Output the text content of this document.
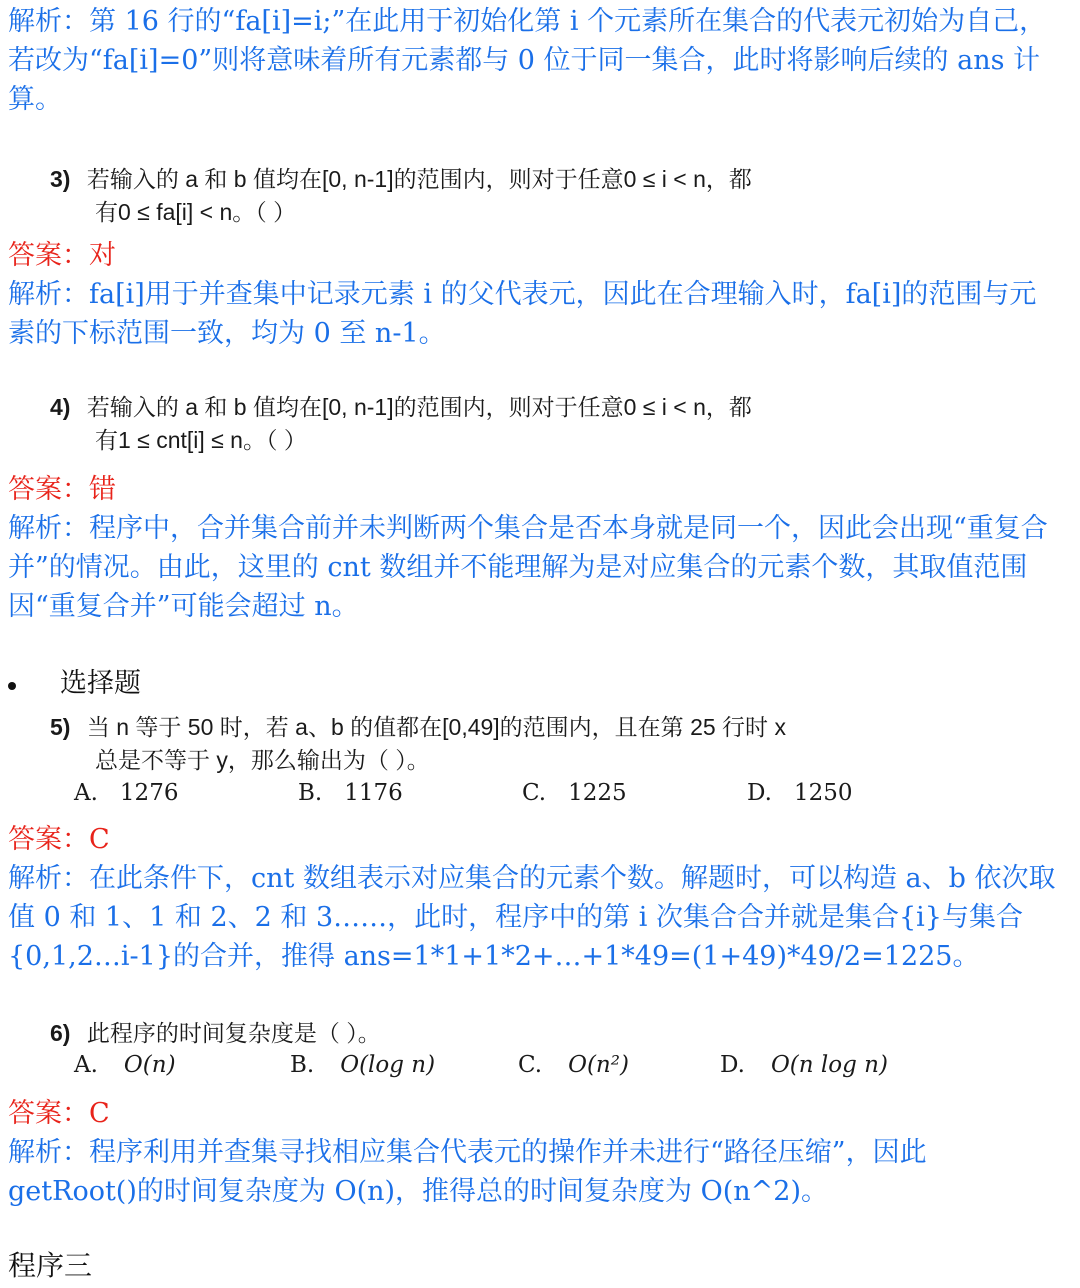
解析：第 16 行的“fa[i]=i;”在此用于初始化第 i 个元素所在集合的代表元初始为自己，若改为“fa[i]=0”则将意味着所有元素都与 0 位于同一集合，此时将影响后续的 ans 计算。

3) 若输入的 a 和 b 值均在[0, n-1]的范围内，则对于任意0 ≤ i < n，都
有0 ≤ fa[i] < n。（ ）
答案：对

解析：fa[i]用于并查集中记录元素 i 的父代表元，因此在合理输入时，fa[i]的范围与元素的下标范围一致，均为 0 至 n-1。

4) 若输入的 a 和 b 值均在[0, n-1]的范围内，则对于任意0 ≤ i < n，都
有1 ≤ cnt[i] ≤ n。（ ）
答案：错

解析：程序中，合并集合前并未判断两个集合是否本身就是同一个，因此会出现“重复合并”的情况。由此，这里的 cnt 数组并不能理解为是对应集合的元素个数，其取值范围因“重复合并”可能会超过 n。

选择题
5) 当 n 等于 50 时，若 a、b 的值都在[0,49]的范围内，且在第 25 行时 x
总是不等于 y，那么输出为（ ）。
A. 1276	B. 1176	C. 1225	D. 1250
答案：C

解析：在此条件下，cnt 数组表示对应集合的元素个数。解题时，可以构造 a、b 依次取值 0 和 1、1 和 2、2 和 3……，此时，程序中的第 i 次集合合并就是集合{i}与集合{0,1,2…i-1}的合并，推得 ans=1*1+1*2+…+1*49=(1+49)*49/2=1225。

6) 此程序的时间复杂度是（ ）。
A. O(n)	B. O(log n)	C. O(n²)	D. O(n log n)
答案：C

解析：程序利用并查集寻找相应集合代表元的操作并未进行“路径压缩”，因此 getRoot()的时间复杂度为 O(n)，推得总的时间复杂度为 O(n^2)。

程序三
